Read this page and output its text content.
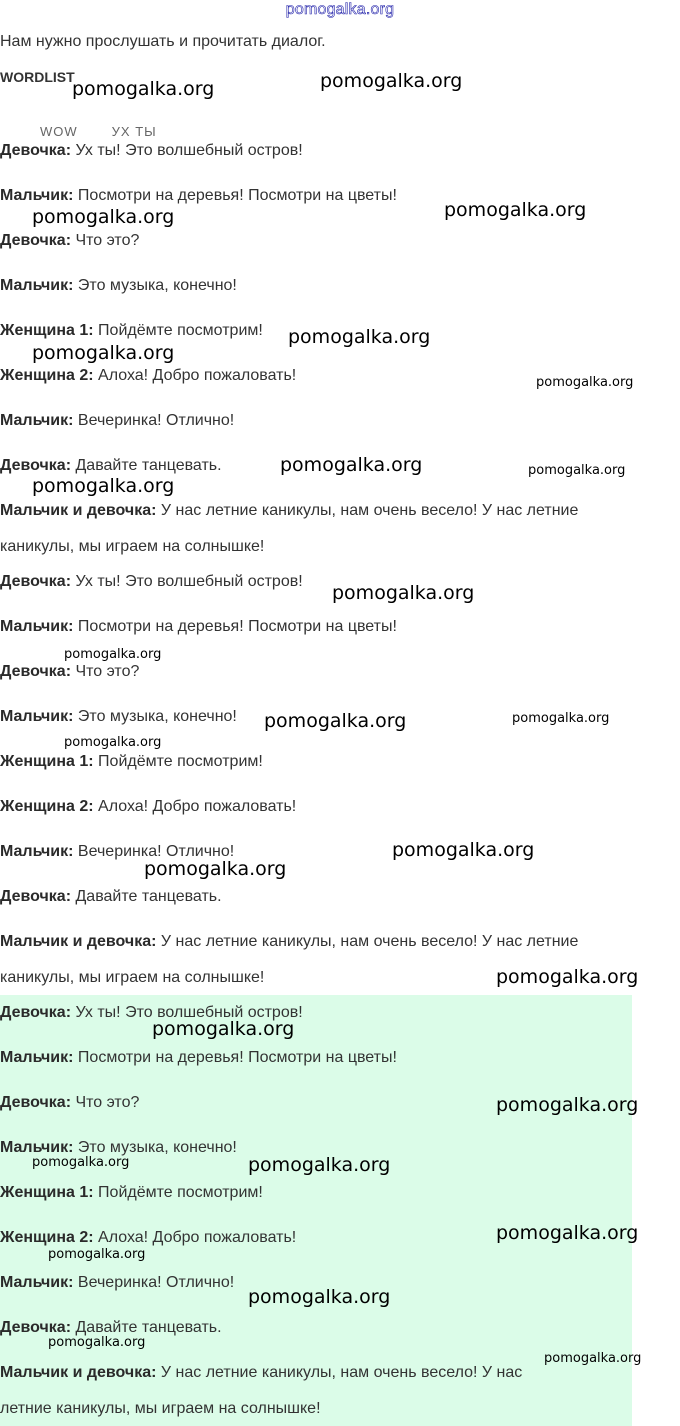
pomogalka.org
Нам нужно прослушать и прочитать диалог.
WORDLIST
WOW	УХ ТЫ

Девочка: Ух ты! Это волшебный остров!

Мальчик: Посмотри на деревья! Посмотри на цветы!

Девочка: Что это?

Мальчик: Это музыка, конечно!

Женщина 1: Пойдёмте посмотрим!

Женщина 2: Алоха! Добро пожаловать!

Мальчик: Вечеринка! Отлично!

Девочка: Давайте танцевать.

Мальчик и девочка: У нас летние каникулы, нам очень весело! У нас летние

каникулы, мы играем на солнышке!

Девочка: Ух ты! Это волшебный остров!

Мальчик: Посмотри на деревья! Посмотри на цветы!

Девочка: Что это?

Мальчик: Это музыка, конечно!

Женщина 1: Пойдёмте посмотрим!

Женщина 2: Алоха! Добро пожаловать!

Мальчик: Вечеринка! Отлично!

Девочка: Давайте танцевать.

Мальчик и девочка: У нас летние каникулы, нам очень весело! У нас летние

каникулы, мы играем на солнышке!

Девочка: Ух ты! Это волшебный остров!

Мальчик: Посмотри на деревья! Посмотри на цветы!

Девочка: Что это?

Мальчик: Это музыка, конечно!

Женщина 1: Пойдёмте посмотрим!

Женщина 2: Алоха! Добро пожаловать!

Мальчик: Вечеринка! Отлично!

Девочка: Давайте танцевать.

Мальчик и девочка: У нас летние каникулы, нам очень весело! У нас

летние каникулы, мы играем на солнышке!

pomogalka.org	pomogalka.org
pomogalka.org	pomogalka.org
pomogalka.org
pomogalka.org
pomogalka.org
pomogalka.org	pomogalka.org
pomogalka.org
pomogalka.org
pomogalka.org
pomogalka.org	pomogalka.org
pomogalka.org
pomogalka.org
pomogalka.org
pomogalka.org
pomogalka.org
pomogalka.org
pomogalka.org	pomogalka.org
pomogalka.org
pomogalka.org
pomogalka.org
pomogalka.org
pomogalka.org
